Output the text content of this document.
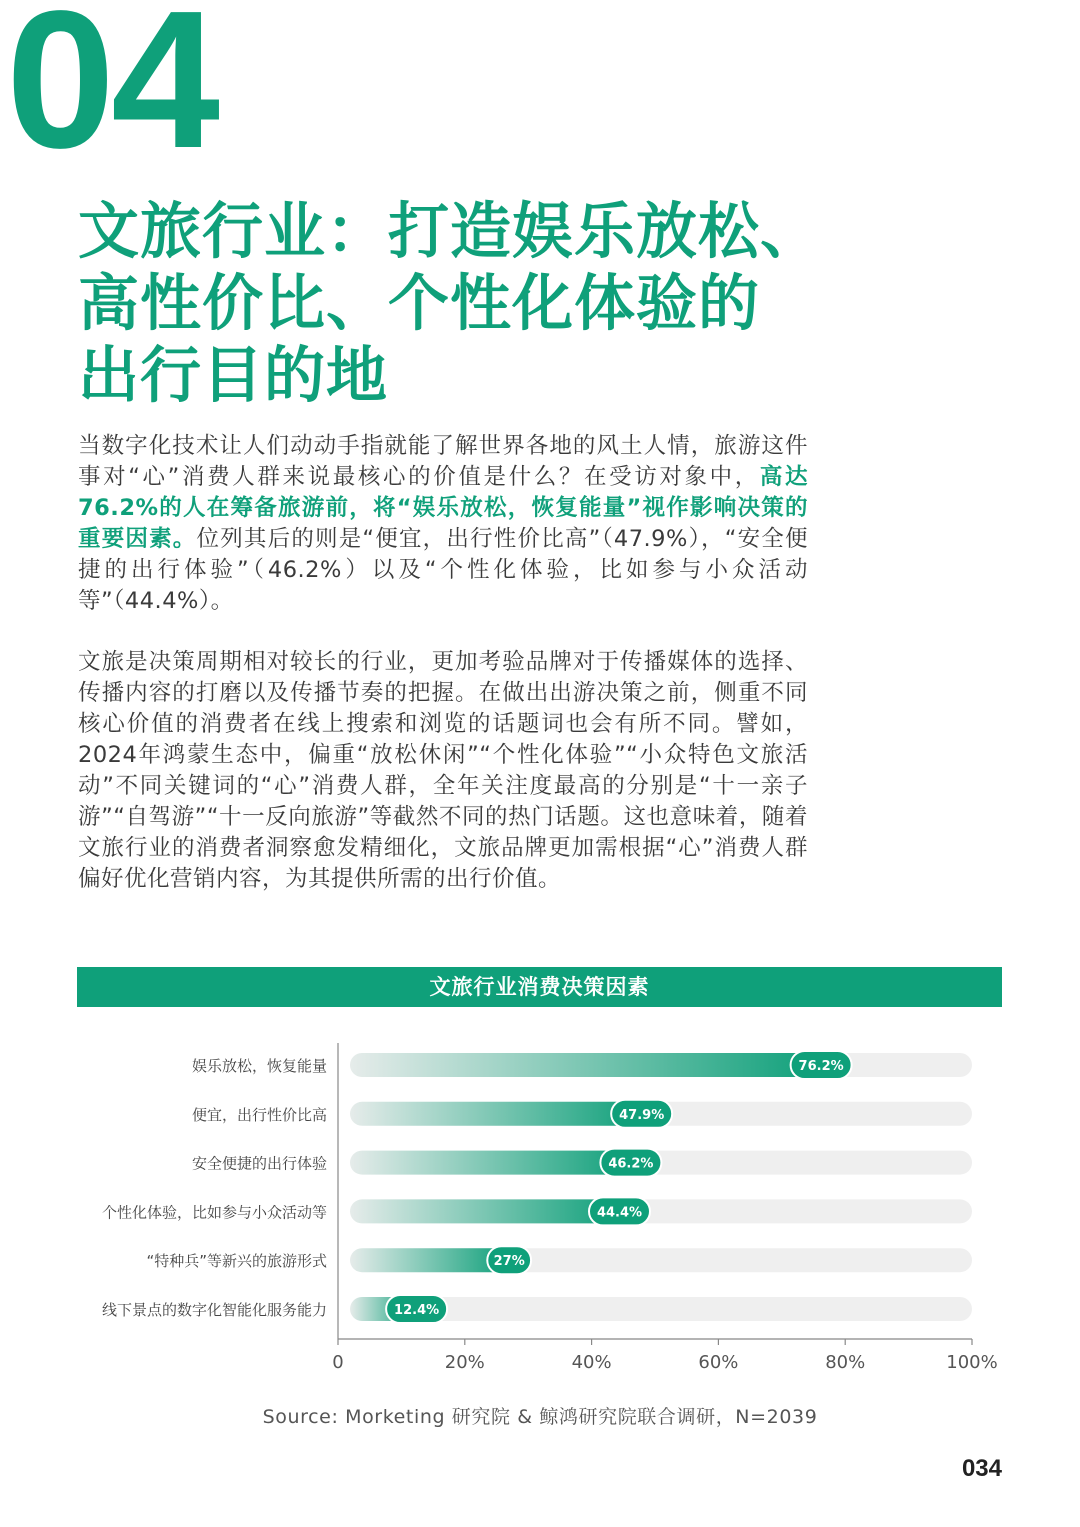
04
文旅行业：打造娱乐放松、
高性价比、个性化体验的
出行目的地
当数字化技术让人们动动手指就能了解世界各地的风土人情，旅游这件事对“心”消费人群来说最核心的价值是什么？在受访对象中，高达76.2%的人在筹备旅游前，将“娱乐放松，恢复能量”视作影响决策的重要因素。位列其后的则是“便宜，出行性价比高”（47.9%），“安全便捷的出行体验”（46.2%）以及“个性化体验，比如参与小众活动等”（44.4%）。
文旅是决策周期相对较长的行业，更加考验品牌对于传播媒体的选择、传播内容的打磨以及传播节奏的把握。在做出出游决策之前，侧重不同核心价值的消费者在线上搜索和浏览的话题词也会有所不同。譬如，2024年鸿蒙生态中，偏重“放松休闲”“个性化体验”“小众特色文旅活动”不同关键词的“心”消费人群，全年关注度最高的分别是“十一亲子游”“自驾游”“十一反向旅游”等截然不同的热门话题。这也意味着，随着文旅行业的消费者洞察愈发精细化，文旅品牌更加需根据“心”消费人群偏好优化营销内容，为其提供所需的出行价值。
文旅行业消费决策因素
76.2%
娱乐放松，恢复能量
47.9%
便宜，出行性价比高
46.2%
安全便捷的出行体验
44.4%
个性化体验，比如参与小众活动等
27%
“特种兵”等新兴的旅游形式
12.4%
线下景点的数字化智能化服务能力
0	20%	40%	60%	80%	100%
Source: Morketing 研究院 & 鲸鸿研究院联合调研，N=2039
034
